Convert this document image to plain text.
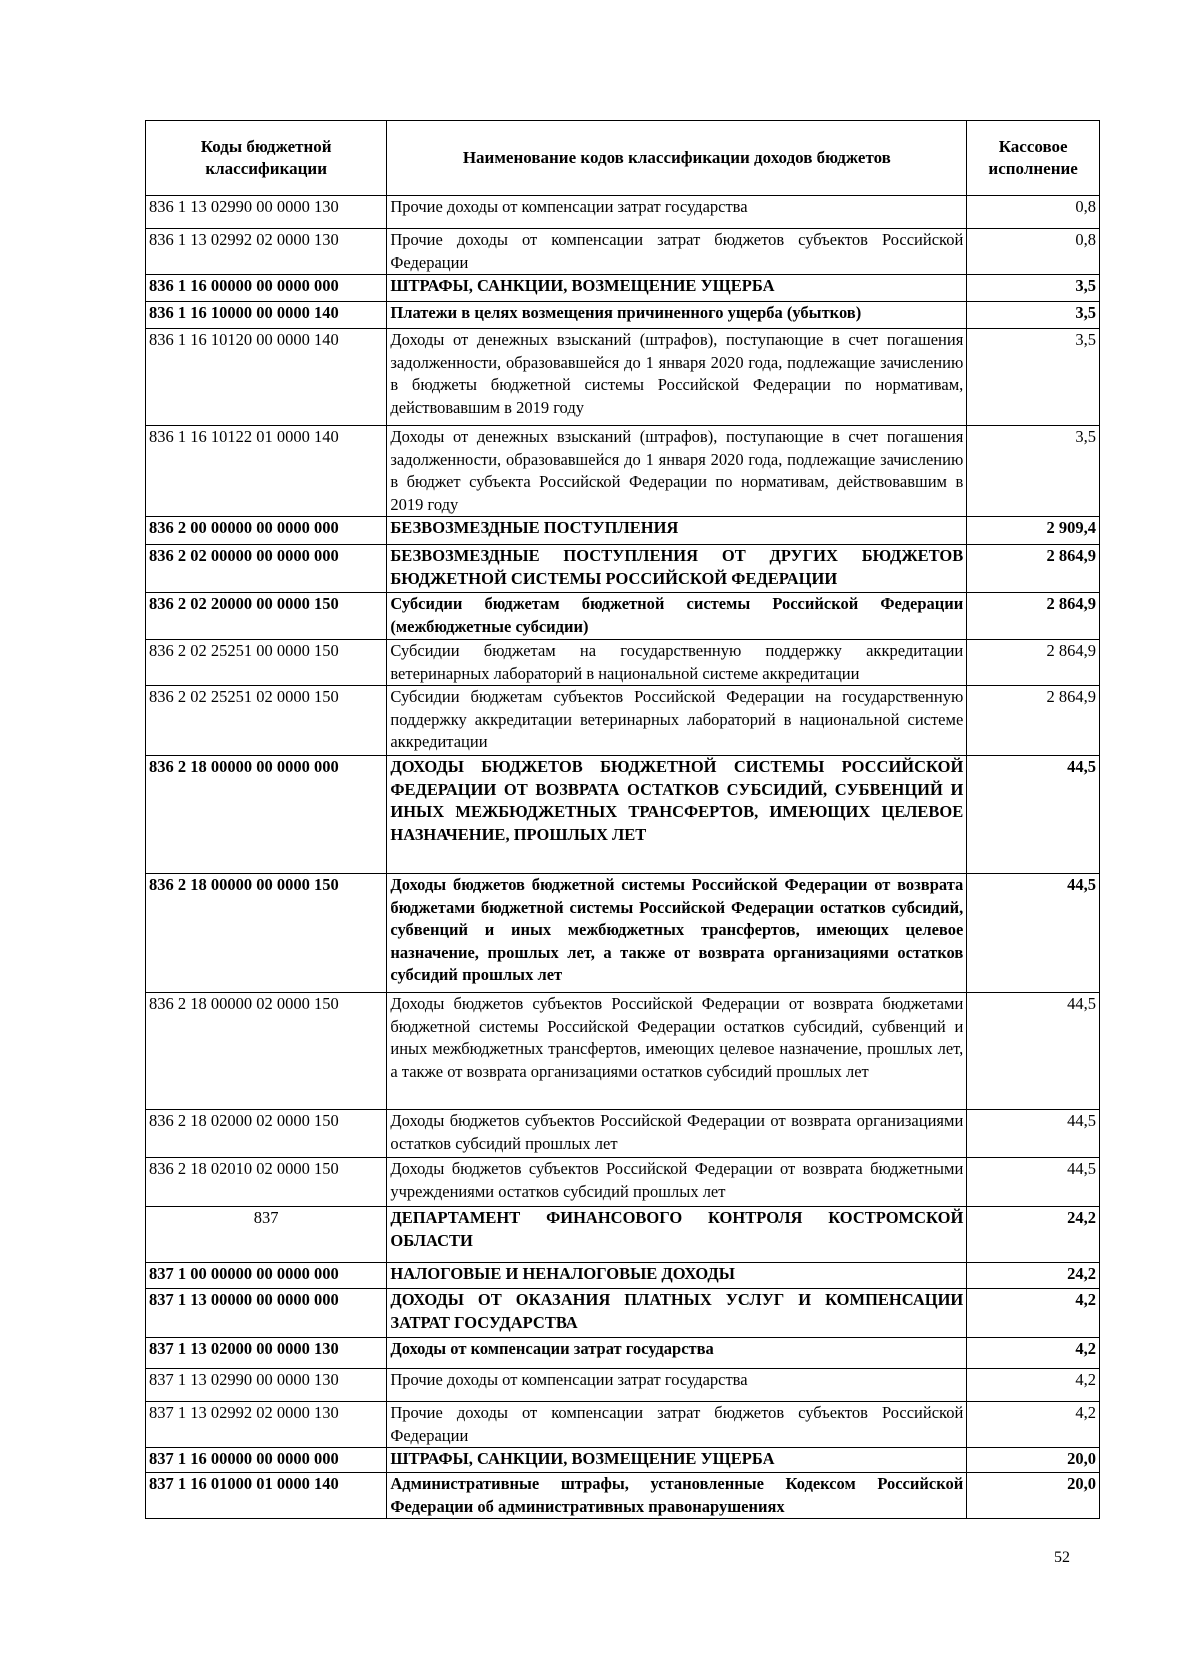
Коды бюджетной классификации	Наименование кодов классификации доходов бюджетов	Кассовое исполнение
836 1 13 02990 00 0000 130	Прочие доходы от компенсации затрат государства	0,8
836 1 13 02992 02 0000 130	Прочие доходы от компенсации затрат бюджетов субъектов Российской Федерации	0,8
836 1 16 00000 00 0000 000	ШТРАФЫ, САНКЦИИ, ВОЗМЕЩЕНИЕ УЩЕРБА	3,5
836 1 16 10000 00 0000 140	Платежи в целях возмещения причиненного ущерба (убытков)	3,5
836 1 16 10120 00 0000 140	Доходы от денежных взысканий (штрафов), поступающие в счет погашения задолженности, образовавшейся до 1 января 2020 года, подлежащие зачислению в бюджеты бюджетной системы Российской Федерации по нормативам, действовавшим в 2019 году	3,5
836 1 16 10122 01 0000 140	Доходы от денежных взысканий (штрафов), поступающие в счет погашения задолженности, образовавшейся до 1 января 2020 года, подлежащие зачислению в бюджет субъекта Российской Федерации по нормативам, действовавшим в 2019 году	3,5
836 2 00 00000 00 0000 000	БЕЗВОЗМЕЗДНЫЕ ПОСТУПЛЕНИЯ	2 909,4
836 2 02 00000 00 0000 000	БЕЗВОЗМЕЗДНЫЕ ПОСТУПЛЕНИЯ ОТ ДРУГИХ БЮДЖЕТОВ БЮДЖЕТНОЙ СИСТЕМЫ РОССИЙСКОЙ ФЕДЕРАЦИИ	2 864,9
836 2 02 20000 00 0000 150	Субсидии бюджетам бюджетной системы Российской Федерации (межбюджетные субсидии)	2 864,9
836 2 02 25251 00 0000 150	Субсидии бюджетам на государственную поддержку аккредитации ветеринарных лабораторий в национальной системе аккредитации	2 864,9
836 2 02 25251 02 0000 150	Субсидии бюджетам субъектов Российской Федерации на государственную поддержку аккредитации ветеринарных лабораторий в национальной системе аккредитации	2 864,9
836 2 18 00000 00 0000 000	ДОХОДЫ БЮДЖЕТОВ БЮДЖЕТНОЙ СИСТЕМЫ РОССИЙСКОЙ ФЕДЕРАЦИИ ОТ ВОЗВРАТА ОСТАТКОВ СУБСИДИЙ, СУБВЕНЦИЙ И ИНЫХ МЕЖБЮДЖЕТНЫХ ТРАНСФЕРТОВ, ИМЕЮЩИХ ЦЕЛЕВОЕ НАЗНАЧЕНИЕ, ПРОШЛЫХ ЛЕТ	44,5
836 2 18 00000 00 0000 150	Доходы бюджетов бюджетной системы Российской Федерации от возврата бюджетами бюджетной системы Российской Федерации остатков субсидий, субвенций и иных межбюджетных трансфертов, имеющих целевое назначение, прошлых лет, а также от возврата организациями остатков субсидий прошлых лет	44,5
836 2 18 00000 02 0000 150	Доходы бюджетов субъектов Российской Федерации от возврата бюджетами бюджетной системы Российской Федерации остатков субсидий, субвенций и иных межбюджетных трансфертов, имеющих целевое назначение, прошлых лет, а также от возврата организациями остатков субсидий прошлых лет	44,5
836 2 18 02000 02 0000 150	Доходы бюджетов субъектов Российской Федерации от возврата организациями остатков субсидий прошлых лет	44,5
836 2 18 02010 02 0000 150	Доходы бюджетов субъектов Российской Федерации от возврата бюджетными учреждениями остатков субсидий прошлых лет	44,5
837	ДЕПАРТАМЕНТ ФИНАНСОВОГО КОНТРОЛЯ КОСТРОМСКОЙ ОБЛАСТИ	24,2
837 1 00 00000 00 0000 000	НАЛОГОВЫЕ И НЕНАЛОГОВЫЕ ДОХОДЫ	24,2
837 1 13 00000 00 0000 000	ДОХОДЫ ОТ ОКАЗАНИЯ ПЛАТНЫХ УСЛУГ И КОМПЕНСАЦИИ ЗАТРАТ ГОСУДАРСТВА	4,2
837 1 13 02000 00 0000 130	Доходы от компенсации затрат государства	4,2
837 1 13 02990 00 0000 130	Прочие доходы от компенсации затрат государства	4,2
837 1 13 02992 02 0000 130	Прочие доходы от компенсации затрат бюджетов субъектов Российской Федерации	4,2
837 1 16 00000 00 0000 000	ШТРАФЫ, САНКЦИИ, ВОЗМЕЩЕНИЕ УЩЕРБА	20,0
837 1 16 01000 01 0000 140	Административные штрафы, установленные Кодексом Российской Федерации об административных правонарушениях	20,0
52
